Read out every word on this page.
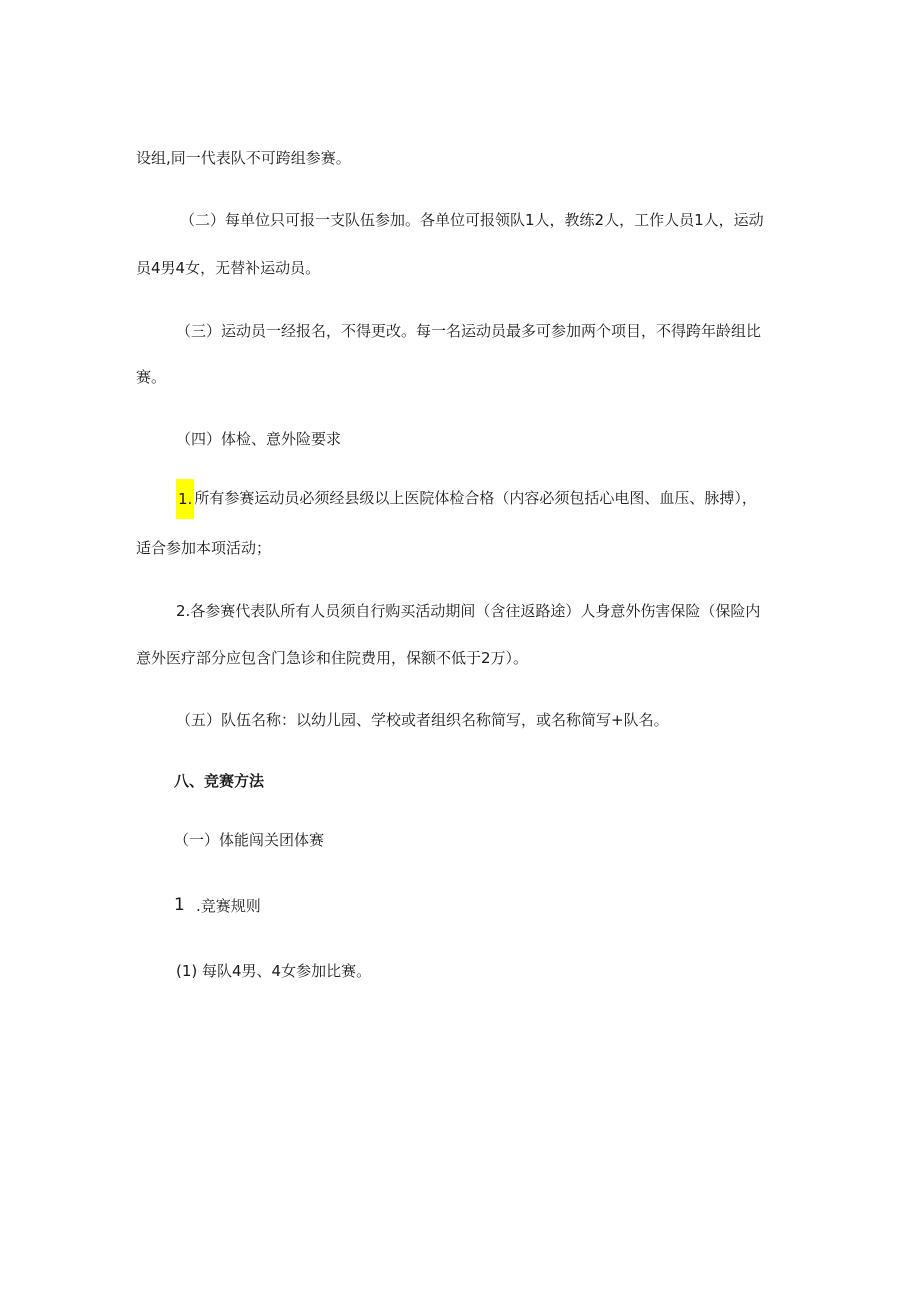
设组,同一代表队不可跨组参赛。
（二）每单位只可报一支队伍参加。各单位可报领队1人，教练2人，工作人员1人，运动
员4男4女，无替补运动员。
（三）运动员一经报名，不得更改。每一名运动员最多可参加两个项目，不得跨年龄组比
赛。
（四）体检、意外险要求
1. 所有参赛运动员必须经县级以上医院体检合格（内容必须包括心电图、血压、脉搏），
适合参加本项活动；
2.各参赛代表队所有人员须自行购买活动期间（含往返路途）人身意外伤害保险（保险内
意外医疗部分应包含门急诊和住院费用，保额不低于2万）。
（五）队伍名称：以幼儿园、学校或者组织名称简写，或名称简写+队名。
八、竞赛方法
（一）体能闯关团体赛
1 .竞赛规则
(1) 每队4男、4女参加比赛。
